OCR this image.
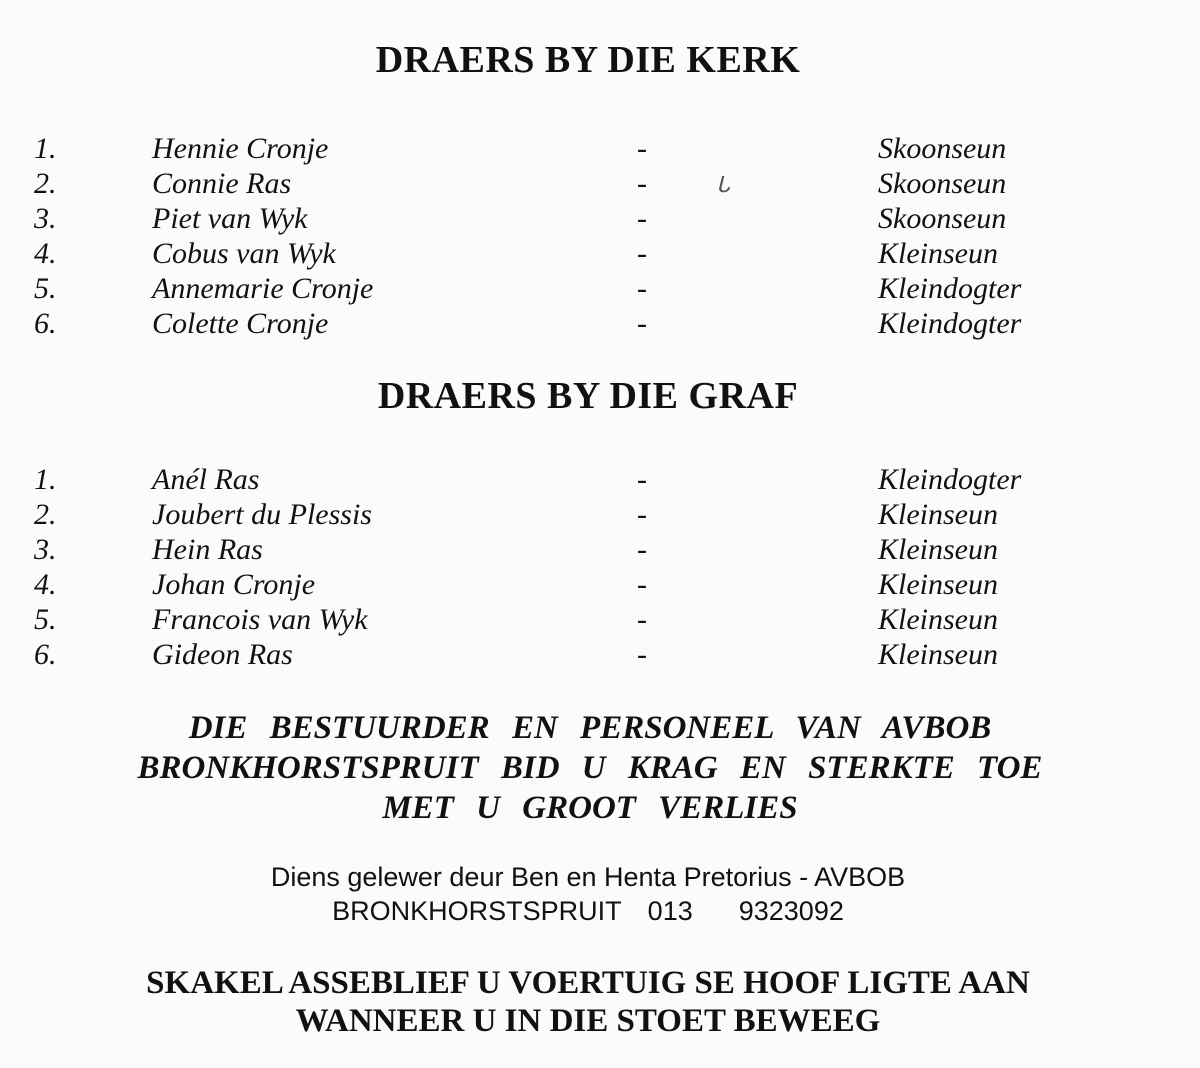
DRAERS BY DIE KERK
1.	Hennie Cronje	-	Skoonseun
2.	Connie Ras	-	Skoonseun
3.	Piet van Wyk	-	Skoonseun
4.	Cobus van Wyk	-	Kleinseun
5.	Annemarie Cronje	-	Kleindogter
6.	Colette Cronje	-	Kleindogter
ᒐ
DRAERS BY DIE GRAF
1.	Anél Ras	-	Kleindogter
2.	Joubert du Plessis	-	Kleinseun
3.	Hein Ras	-	Kleinseun
4.	Johan Cronje	-	Kleinseun
5.	Francois van Wyk	-	Kleinseun
6.	Gideon Ras	-	Kleinseun
DIE BESTUURDER EN PERSONEEL VAN AVBOB
BRONKHORSTSPRUIT BID U KRAG EN STERKTE TOE
MET U GROOT VERLIES
Diens gelewer deur Ben en Henta Pretorius - AVBOB
BRONKHORSTSPRUIT 013 9323092
SKAKEL ASSEBLIEF U VOERTUIG SE HOOF LIGTE AAN
WANNEER U IN DIE STOET BEWEEG
